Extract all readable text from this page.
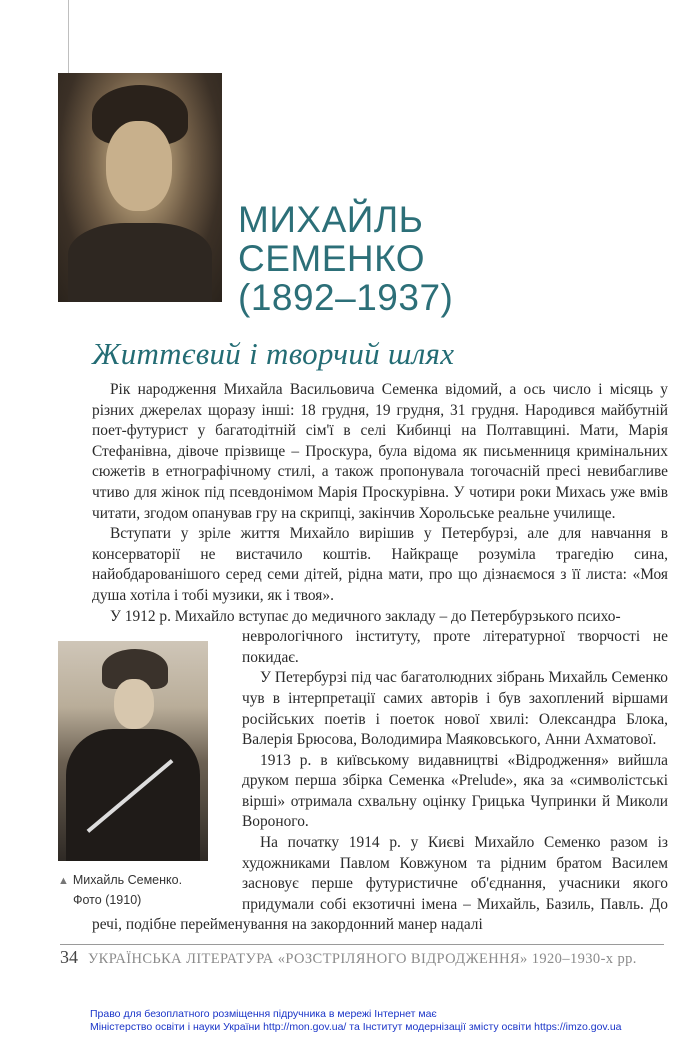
МИХАЙЛЬ
СЕМЕНКО
(1892–1937)
Життєвий і творчий шлях

Рік народження Михайла Васильовича Семенка відомий, а ось число і місяць у різних джерелах щоразу інші: 18 грудня, 19 грудня, 31 грудня. Народився майбутній поет-футурист у багатодітній сім'ї в селі Кибинці на Полтавщині. Мати, Марія Стефанівна, дівоче прізвище – Проскура, була відома як письменниця кримінальних сюжетів в етнографічному стилі, а також пропонувала тогочасній пресі невибагливе чтиво для жінок під псевдонімом Марія Проскурівна. У чотири роки Михась уже вмів читати, згодом опанував гру на скрипці, закінчив Хорольське реальне училище.

Вступати у зріле життя Михайло вирішив у Петербурзі, але для навчання в консерваторії не вистачило коштів. Найкраще розуміла трагедію сина, найобдарованішого серед семи дітей, рідна мати, про що дізнаємося з її листа: «Моя душа хотіла і тобі музики, як і твоя».

У 1912 р. Михайло вступає до медичного закладу – до Петербурзького психо-

▲ Михайль Семенко.
Фото (1910)

неврологічного інституту, проте літературної творчості не покидає.

У Петербурзі під час багатолюдних зібрань Михайль Семенко чув в інтерпретації самих авторів і був захоплений віршами російських поетів і поеток нової хвилі: Олександра Блока, Валерія Брюсова, Володимира Маяковського, Анни Ахматової.

1913 р. в київському видавництві «Відродження» вийшла друком перша збірка Семенка «Prelude», яка за «символістські вірші» отримала схвальну оцінку Грицька Чупринки й Миколи Вороного.

На початку 1914 р. у Києві Михайло Семенко разом із художниками Павлом Ковжуном та рідним братом Василем засновує перше футуристичне об'єднання, учасники якого придумали собі екзотичні імена – Михайль, Базиль, Павль. До речі, подібне перейменування на закордонний манер надалі

34 УКРАЇНСЬКА ЛІТЕРАТУРА «РОЗСТРІЛЯНОГО ВІДРОДЖЕННЯ» 1920–1930-х рр.
Право для безоплатного розміщення підручника в мережі Інтернет має
Міністерство освіти і науки України http://mon.gov.ua/ та Інститут модернізації змісту освіти https://imzo.gov.ua
